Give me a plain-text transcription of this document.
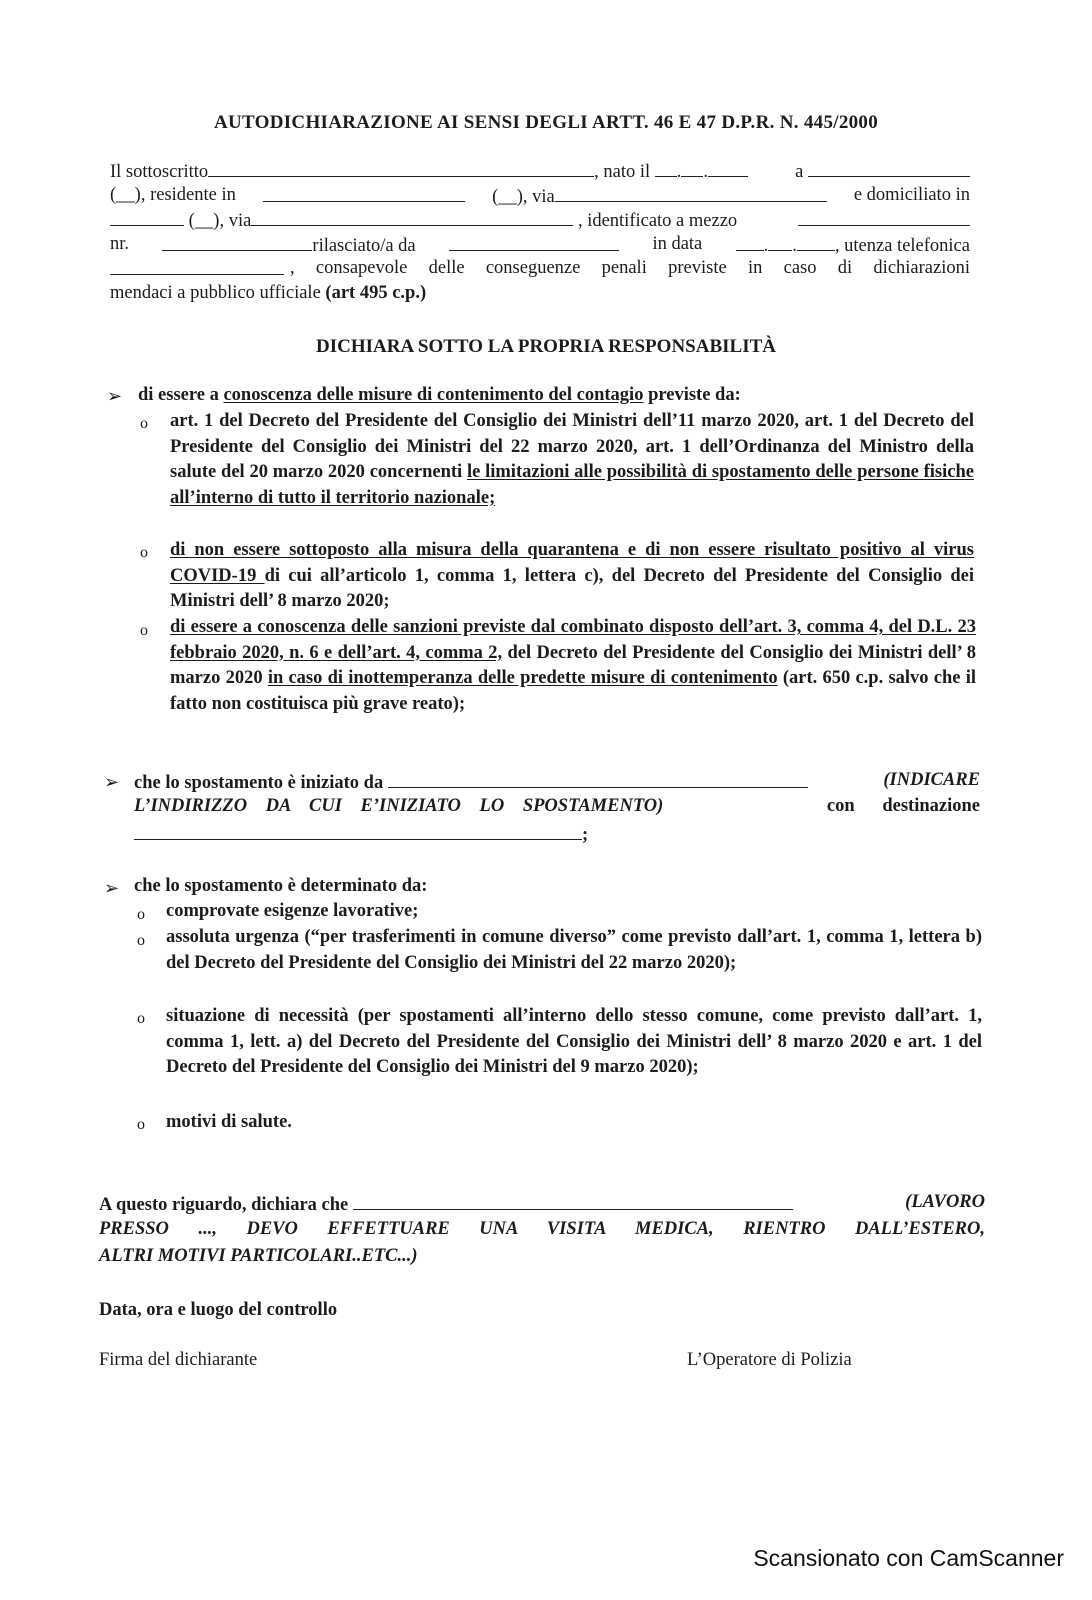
AUTODICHIARAZIONE AI SENSI DEGLI ARTT. 46 E 47 D.P.R. N. 445/2000
Il sottoscritto	, nato il . .	a
(__), residente in	(__), via	e domiciliato in
(__), via	, identificato a mezzo
nr.	rilasciato/a da	in data	. . , utenza telefonica
, consapevole delle conseguenze penali previste in caso di dichiarazioni
mendaci a pubblico ufficiale
(art 495 c.p.)
DICHIARA SOTTO LA PROPRIA RESPONSABILITÀ
➢ di essere a conoscenza delle misure di contenimento del contagio previste da:
o art. 1 del Decreto del Presidente del Consiglio dei Ministri dell’11 marzo 2020, art. 1 del Decreto del Presidente del Consiglio dei Ministri del 22 marzo 2020, art. 1 dell’Ordinanza del Ministro della salute del 20 marzo 2020 concernenti le limitazioni alle possibilità di spostamento delle persone fisiche all’interno di tutto il territorio nazionale;
o di non essere sottoposto alla misura della quarantena e di non essere risultato positivo al virus COVID-19 di cui all’articolo 1, comma 1, lettera c), del Decreto del Presidente del Consiglio dei Ministri dell’ 8 marzo 2020;
o di essere a conoscenza delle sanzioni previste dal combinato disposto dell’art. 3, comma 4, del D.L. 23 febbraio 2020, n. 6 e dell’art. 4, comma 2, del Decreto del Presidente del Consiglio dei Ministri dell’ 8 marzo 2020 in caso di inottemperanza delle predette misure di contenimento (art. 650 c.p. salvo che il fatto non costituisca più grave reato);
➢ che lo spostamento è iniziato da	(INDICARE
L’INDIRIZZO DA CUI E’INIZIATO LO SPOSTAMENTO)	con destinazione
;
➢ che lo spostamento è determinato da:
o comprovate esigenze lavorative;
o assoluta urgenza (“per trasferimenti in comune diverso” come previsto dall’art. 1, comma 1, lettera b) del Decreto del Presidente del Consiglio dei Ministri del 22 marzo 2020);
o situazione di necessità (per spostamenti all’interno dello stesso comune, come previsto dall’art. 1, comma 1, lett. a) del Decreto del Presidente del Consiglio dei Ministri dell’ 8 marzo 2020 e art. 1 del Decreto del Presidente del Consiglio dei Ministri del 9 marzo 2020);
o motivi di salute.
A questo riguardo, dichiara che	(LAVORO
PRESSO ..., DEVO EFFETTUARE UNA VISITA MEDICA, RIENTRO DALL’ESTERO,
ALTRI MOTIVI PARTICOLARI..ETC...)
Data, ora e luogo del controllo
Firma del dichiarante	L’Operatore di Polizia
Scansionato con CamScanner
